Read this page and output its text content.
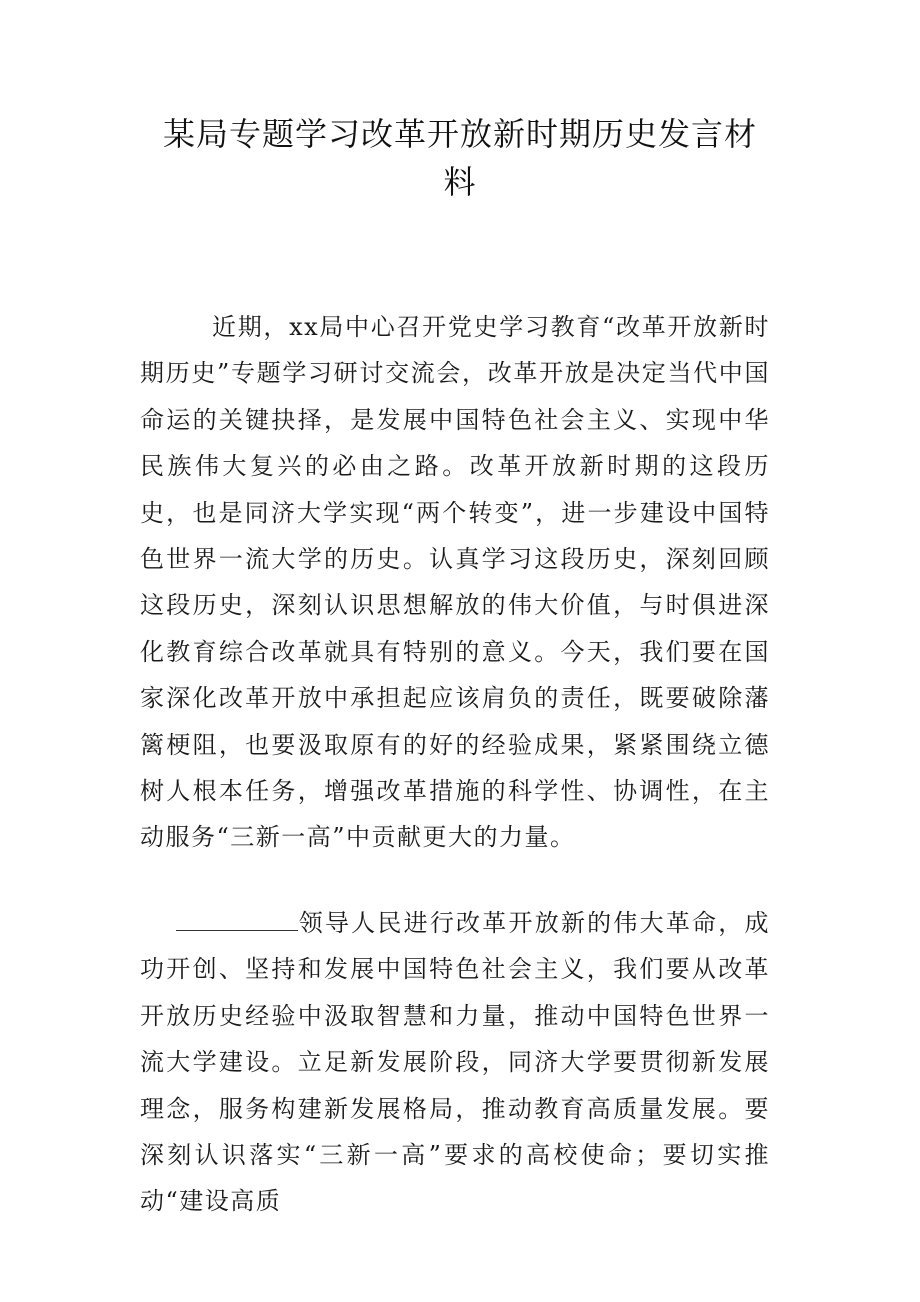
某局专题学习改革开放新时期历史发言材料

近期，xx局中心召开党史学习教育“改革开放新时期历史”专题学习研讨交流会，改革开放是决定当代中国命运的关键抉择，是发展中国特色社会主义、实现中华民族伟大复兴的必由之路。改革开放新时期的这段历史，也是同济大学实现“两个转变”，进一步建设中国特色世界一流大学的历史。认真学习这段历史，深刻回顾这段历史，深刻认识思想解放的伟大价值，与时俱进深化教育综合改革就具有特别的意义。今天，我们要在国家深化改革开放中承担起应该肩负的责任，既要破除藩篱梗阻，也要汲取原有的好的经验成果，紧紧围绕立德树人根本任务，增强改革措施的科学性、协调性，在主动服务“三新一高”中贡献更大的力量。

领导人民进行改革开放新的伟大革命，成功开创、坚持和发展中国特色社会主义，我们要从改革开放历史经验中汲取智慧和力量，推动中国特色世界一流大学建设。立足新发展阶段，同济大学要贯彻新发展理念，服务构建新发展格局，推动教育高质量发展。要深刻认识落实“三新一高”要求的高校使命；要切实推动“建设高质
